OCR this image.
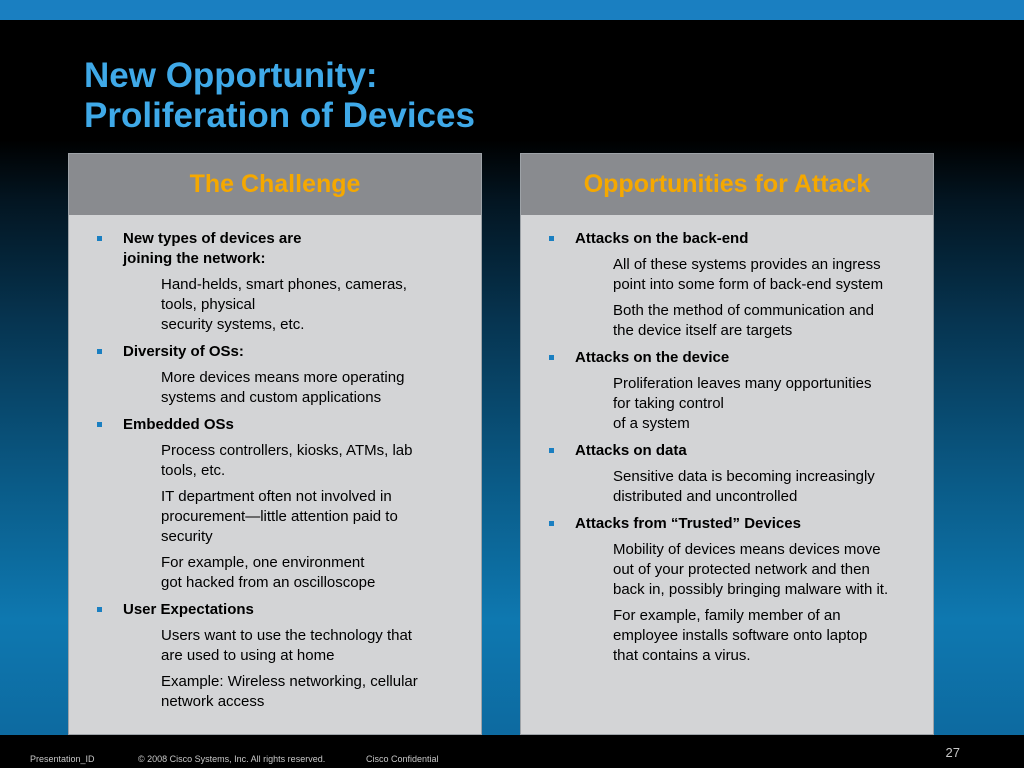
New Opportunity:
Proliferation of Devices
The Challenge
New types of devices are
joining the network:
Hand-helds, smart phones, cameras,
tools, physical
security systems, etc.
Diversity of OSs:
More devices means more operating
systems and custom applications
Embedded OSs
Process controllers, kiosks, ATMs, lab
tools, etc.
IT department often not involved in
procurement—little attention paid to
security
For example, one environment
got hacked from an oscilloscope
User Expectations
Users want to use the technology that
are used to using at home
Example: Wireless networking, cellular
network access
Opportunities for Attack
Attacks on the back-end
All of these systems provides an ingress
point into some form of back-end system
Both the method of communication and
the device itself are targets
Attacks on the device
Proliferation leaves many opportunities
for taking control
of a system
Attacks on data
Sensitive data is becoming increasingly
distributed and uncontrolled
Attacks from “Trusted” Devices
Mobility of devices means devices move
out of your protected network and then
back in, possibly bringing malware with it.
For example, family member of an
employee installs software onto laptop
that contains a virus.
Presentation_ID	© 2008 Cisco Systems, Inc. All rights reserved.	Cisco Confidential	27
